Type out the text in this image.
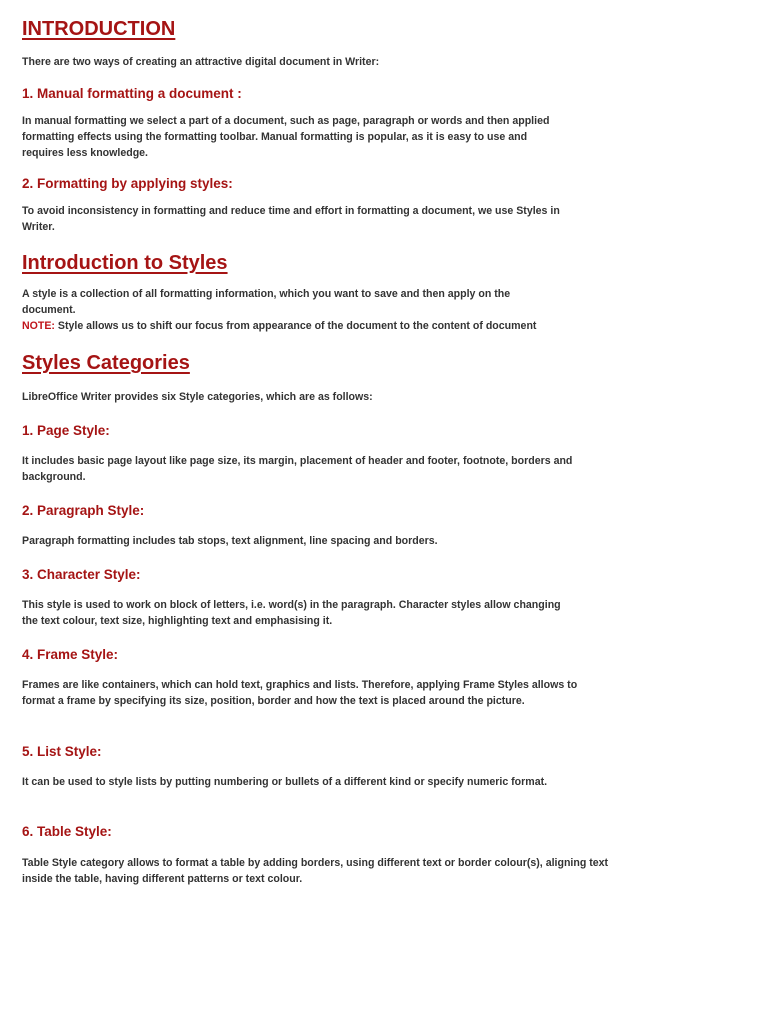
INTRODUCTION

There are two ways of creating an attractive digital document in Writer:

1. Manual formatting a document :

In manual formatting we select a part of a document, such as page, paragraph or words and then applied formatting effects using the formatting toolbar. Manual formatting is popular, as it is easy to use and requires less knowledge.

2. Formatting by applying styles:

To avoid inconsistency in formatting and reduce time and effort in formatting a document, we use Styles in Writer.

Introduction to Styles

A style is a collection of all formatting information, which you want to save and then apply on the document.

NOTE: Style allows us to shift our focus from appearance of the document to the content of document

Styles Categories

LibreOffice Writer provides six Style categories, which are as follows:

1. Page Style:

It includes basic page layout like page size, its margin, placement of header and footer, footnote, borders and background.

2. Paragraph Style:

Paragraph formatting includes tab stops, text alignment, line spacing and borders.

3. Character Style:

This style is used to work on block of letters, i.e. word(s) in the paragraph. Character styles allow changing the text colour, text size, highlighting text and emphasising it.

4. Frame Style:

Frames are like containers, which can hold text, graphics and lists. Therefore, applying Frame Styles allows to format a frame by specifying its size, position, border and how the text is placed around the picture.

5. List Style:

It can be used to style lists by putting numbering or bullets of a different kind or specify numeric format.

6. Table Style:

Table Style category allows to format a table by adding borders, using different text or border colour(s), aligning text inside the table, having different patterns or text colour.
